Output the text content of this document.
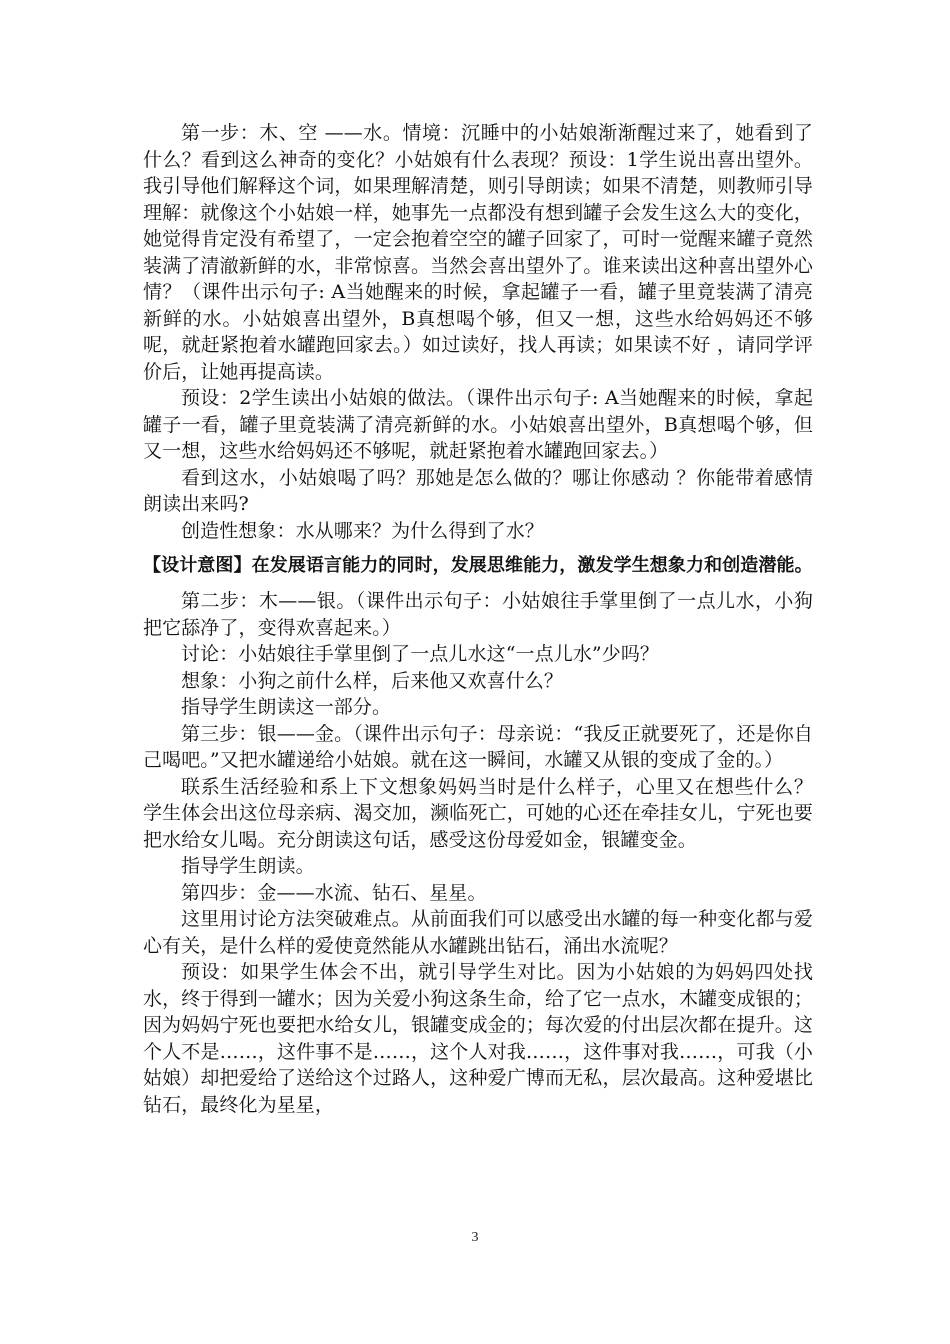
第一步：木、空 ——水。情境：沉睡中的小姑娘渐渐醒过来了，她看到了什么？看到这么神奇的变化？小姑娘有什么表现？预设：1学生说出喜出望外。我引导他们解释这个词，如果理解清楚，则引导朗读；如果不清楚，则教师引导理解：就像这个小姑娘一样，她事先一点都没有想到罐子会发生这么大的变化，她觉得肯定没有希望了，一定会抱着空空的罐子回家了，可时一觉醒来罐子竟然装满了清澈新鲜的水，非常惊喜。当然会喜出望外了。谁来读出这种喜出望外心情？（课件出示句子: A当她醒来的时候，拿起罐子一看，罐子里竟装满了清亮新鲜的水。小姑娘喜出望外，B真想喝个够，但又一想，这些水给妈妈还不够呢，就赶紧抱着水罐跑回家去。）如过读好，找人再读；如果读不好 ，请同学评价后，让她再提高读。

预设：2学生读出小姑娘的做法。（课件出示句子: A当她醒来的时候，拿起罐子一看，罐子里竟装满了清亮新鲜的水。小姑娘喜出望外，B真想喝个够，但又一想，这些水给妈妈还不够呢，就赶紧抱着水罐跑回家去。）

看到这水，小姑娘喝了吗？那她是怎么做的？哪让你感动 ？你能带着感情朗读出来吗?

创造性想象：水从哪来？为什么得到了水？

【设计意图】在发展语言能力的同时，发展思维能力，激发学生想象力和创造潜能。

第二步：木——银。（课件出示句子：小姑娘往手掌里倒了一点儿水，小狗把它舔净了，变得欢喜起来。）

讨论：小姑娘往手掌里倒了一点儿水这“一点儿水”少吗？

想象：小狗之前什么样，后来他又欢喜什么？

指导学生朗读这一部分。

第三步：银——金。（课件出示句子：母亲说：“我反正就要死了，还是你自己喝吧。”又把水罐递给小姑娘。就在这一瞬间，水罐又从银的变成了金的。）

联系生活经验和系上下文想象妈妈当时是什么样子，心里又在想些什么？ 学生体会出这位母亲病、渴交加，濒临死亡，可她的心还在牵挂女儿，宁死也要把水给女儿喝。充分朗读这句话，感受这份母爱如金，银罐变金。

指导学生朗读。

第四步：金——水流、钻石、星星。

这里用讨论方法突破难点。从前面我们可以感受出水罐的每一种变化都与爱心有关，是什么样的爱使竟然能从水罐跳出钻石，涌出水流呢？

预设：如果学生体会不出，就引导学生对比。因为小姑娘的为妈妈四处找水，终于得到一罐水；因为关爱小狗这条生命，给了它一点水，木罐变成银的；因为妈妈宁死也要把水给女儿，银罐变成金的；每次爱的付出层次都在提升。这个人不是……，这件事不是……，这个人对我……，这件事对我……，可我（小姑娘）却把爱给了送给这个过路人，这种爱广博而无私，层次最高。这种爱堪比钻石，最终化为星星，

3
